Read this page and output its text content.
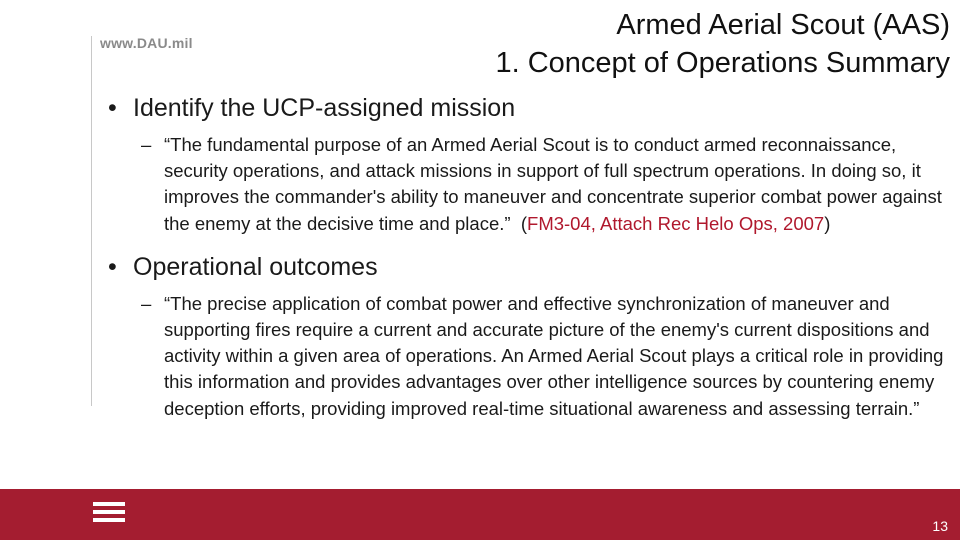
www.DAU.mil
Armed Aerial Scout (AAS)
1. Concept of Operations Summary
• Identify the UCP-assigned mission
– “The fundamental purpose of an Armed Aerial Scout is to conduct armed reconnaissance, security operations, and attack missions in support of full spectrum operations. In doing so, it improves the commander's ability to maneuver and concentrate superior combat power against the enemy at the decisive time and place.”  (FM3-04, Attach Rec Helo Ops, 2007)
• Operational outcomes
– “The precise application of combat power and effective synchronization of maneuver and supporting fires require a current and accurate picture of the enemy's current dispositions and activity within a given area of operations. An Armed Aerial Scout plays a critical role in providing this information and provides advantages over other intelligence sources by countering enemy deception efforts, providing improved real-time situational awareness and assessing terrain.”
13
